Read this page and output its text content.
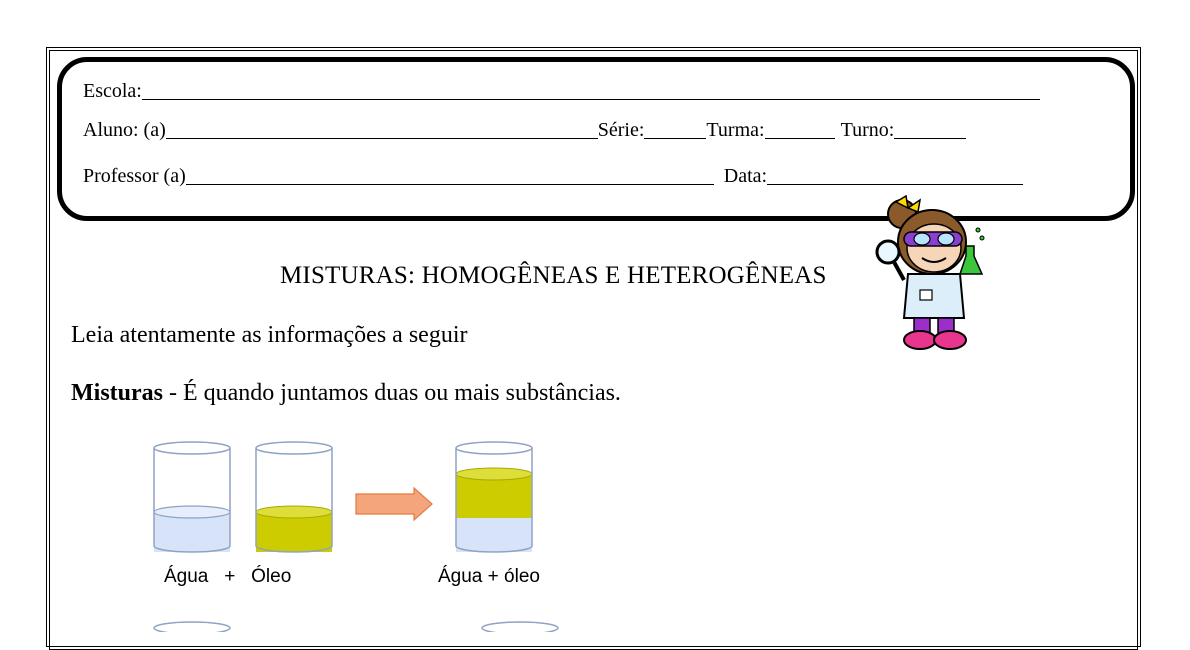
Escola:
Aluno: (a)	Série:	Turma:	Turno:
Professor (a)	Data:
MISTURAS: HOMOGÊNEAS E HETEROGÊNEAS
Leia atentamente as informações a seguir
Misturas - É quando juntamos duas ou mais substâncias.
Água   +   Óleo	Água + óleo
